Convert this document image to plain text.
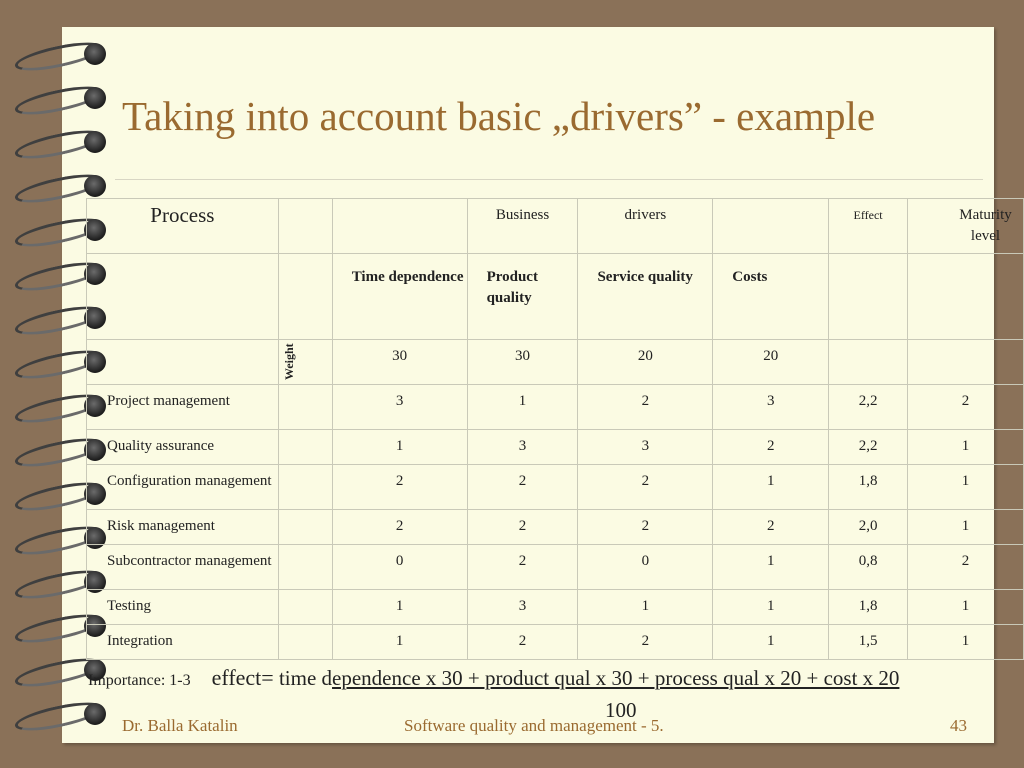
Taking into account basic „drivers” - example
Process			Business	drivers		Effect	Maturity level
		Time dependence	Product quality	Service quality	Costs		

	Weight	30	30	20	20		
Project management		3	1	2	3	2,2	2
Quality assurance		1	3	3	2	2,2	1
Configuration management		2	2	2	1	1,8	1
Risk management		2	2	2	2	2,0	1
Subcontractor management		0	2	0	1	0,8	2
Testing		1	3	1	1	1,8	1
Integration		1	2	2	1	1,5	1
Importance: 1-3 effect= time dependence x 30 + product qual x 30 + process qual x 20 + cost x 20
100
Dr. Balla Katalin	Software quality and management - 5.	43
